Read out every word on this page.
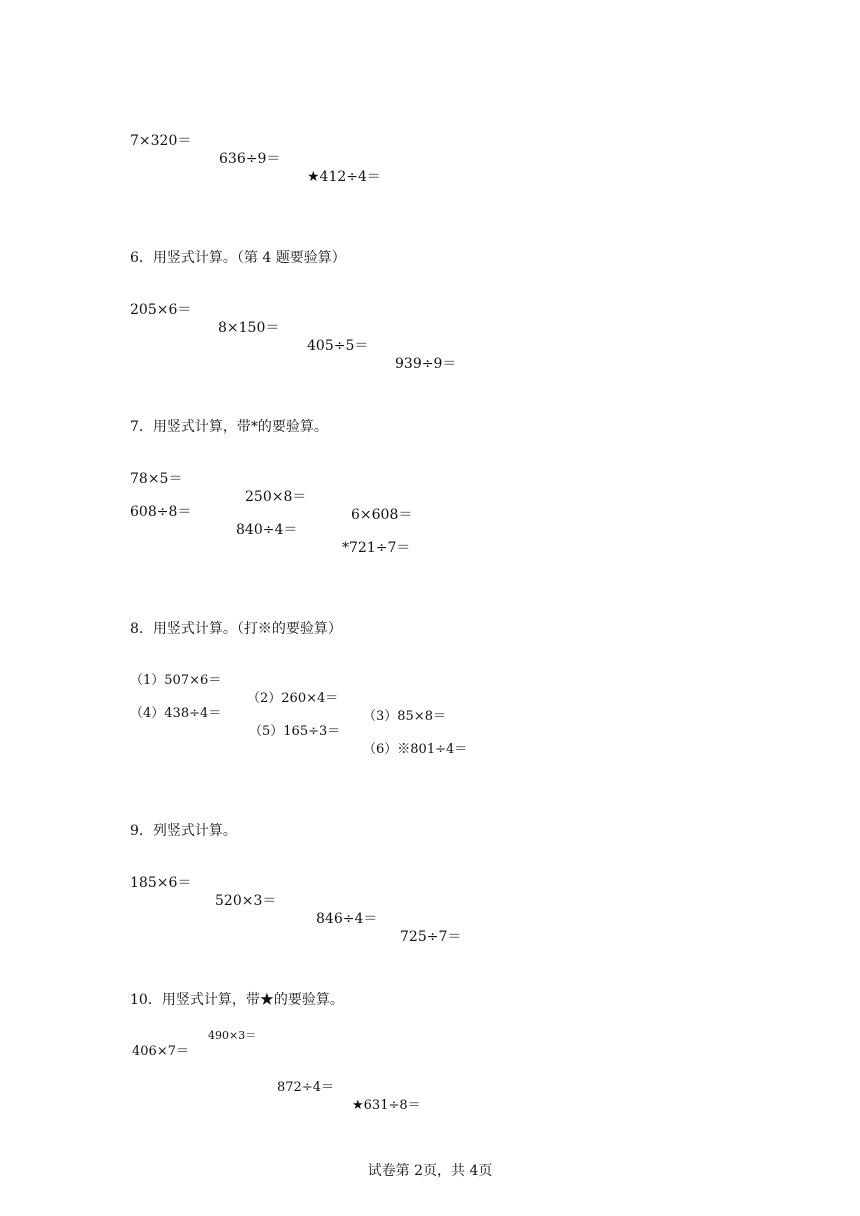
7×320＝

636÷9＝

★412÷4＝

6．用竖式计算。（第 4 题要验算）

205×6＝

8×150＝

405÷5＝

939÷9＝

7．用竖式计算，带*的要验算。

78×5＝

250×8＝

6×608＝

608÷8＝

840÷4＝

*721÷7＝

8．用竖式计算。（打※的要验算）

（1）507×6＝

（2）260×4＝

（3）85×8＝

（4）438÷4＝

（5）165÷3＝

（6）※801÷4＝

9．列竖式计算。

185×6＝

520×3＝

846÷4＝

725÷7＝

10．用竖式计算，带★的要验算。

406×7＝

490×3＝

872÷4＝

★631÷8＝

试卷第 2页，共 4页
